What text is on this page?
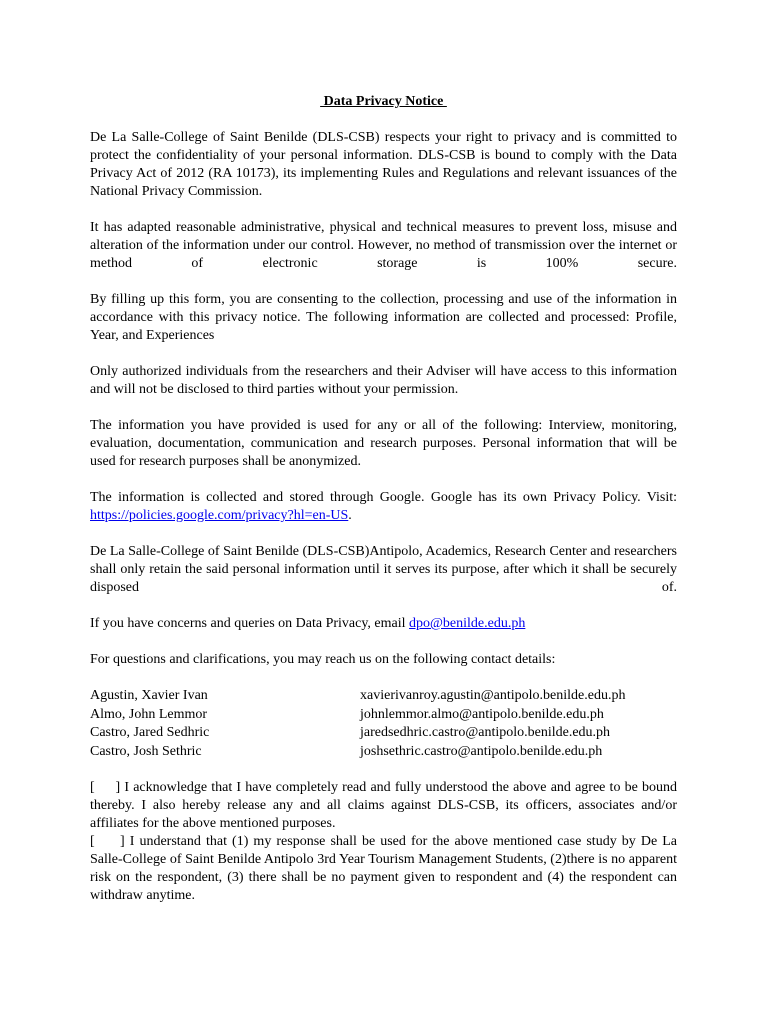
Data Privacy Notice

De La Salle-College of Saint Benilde (DLS-CSB) respects your right to privacy and is committed to protect the confidentiality of your personal information. DLS-CSB is bound to comply with the Data Privacy Act of 2012 (RA 10173), its implementing Rules and Regulations and relevant issuances of the National Privacy Commission.

It has adapted reasonable administrative, physical and technical measures to prevent loss, misuse and alteration of the information under our control. However, no method of transmission over the internet or method of electronic storage is 100% secure.

By filling up this form, you are consenting to the collection, processing and use of the information in accordance with this privacy notice. The following information are collected and processed: Profile, Year, and Experiences

Only authorized individuals from the researchers and their Adviser will have access to this information and will not be disclosed to third parties without your permission.

The information you have provided is used for any or all of the following: Interview, monitoring, evaluation, documentation, communication and research purposes. Personal information that will be used for research purposes shall be anonymized.

The information is collected and stored through Google. Google has its own Privacy Policy. Visit: https://policies.google.com/privacy?hl=en-US.

De La Salle-College of Saint Benilde (DLS-CSB)Antipolo, Academics, Research Center and researchers shall only retain the said personal information until it serves its purpose, after which it shall be securely disposed of.

If you have concerns and queries on Data Privacy, email dpo@benilde.edu.ph

For questions and clarifications, you may reach us on the following contact details:

Agustin, Xavier Ivan	xavierivanroy.agustin@antipolo.benilde.edu.ph
Almo, John Lemmor	johnlemmor.almo@antipolo.benilde.edu.ph
Castro, Jared Sedhric	jaredsedhric.castro@antipolo.benilde.edu.ph
Castro, Josh Sethric	joshsethric.castro@antipolo.benilde.edu.ph

[     ] I acknowledge that I have completely read and fully understood the above and agree to be bound thereby. I also hereby release any and all claims against DLS-CSB, its officers, associates and/or affiliates for the above mentioned purposes.

[     ] I understand that (1) my response shall be used for the above mentioned case study by De La Salle-College of Saint Benilde Antipolo 3rd Year Tourism Management Students, (2)there is no apparent risk on the respondent, (3) there shall be no payment given to respondent and (4) the respondent can withdraw anytime.
